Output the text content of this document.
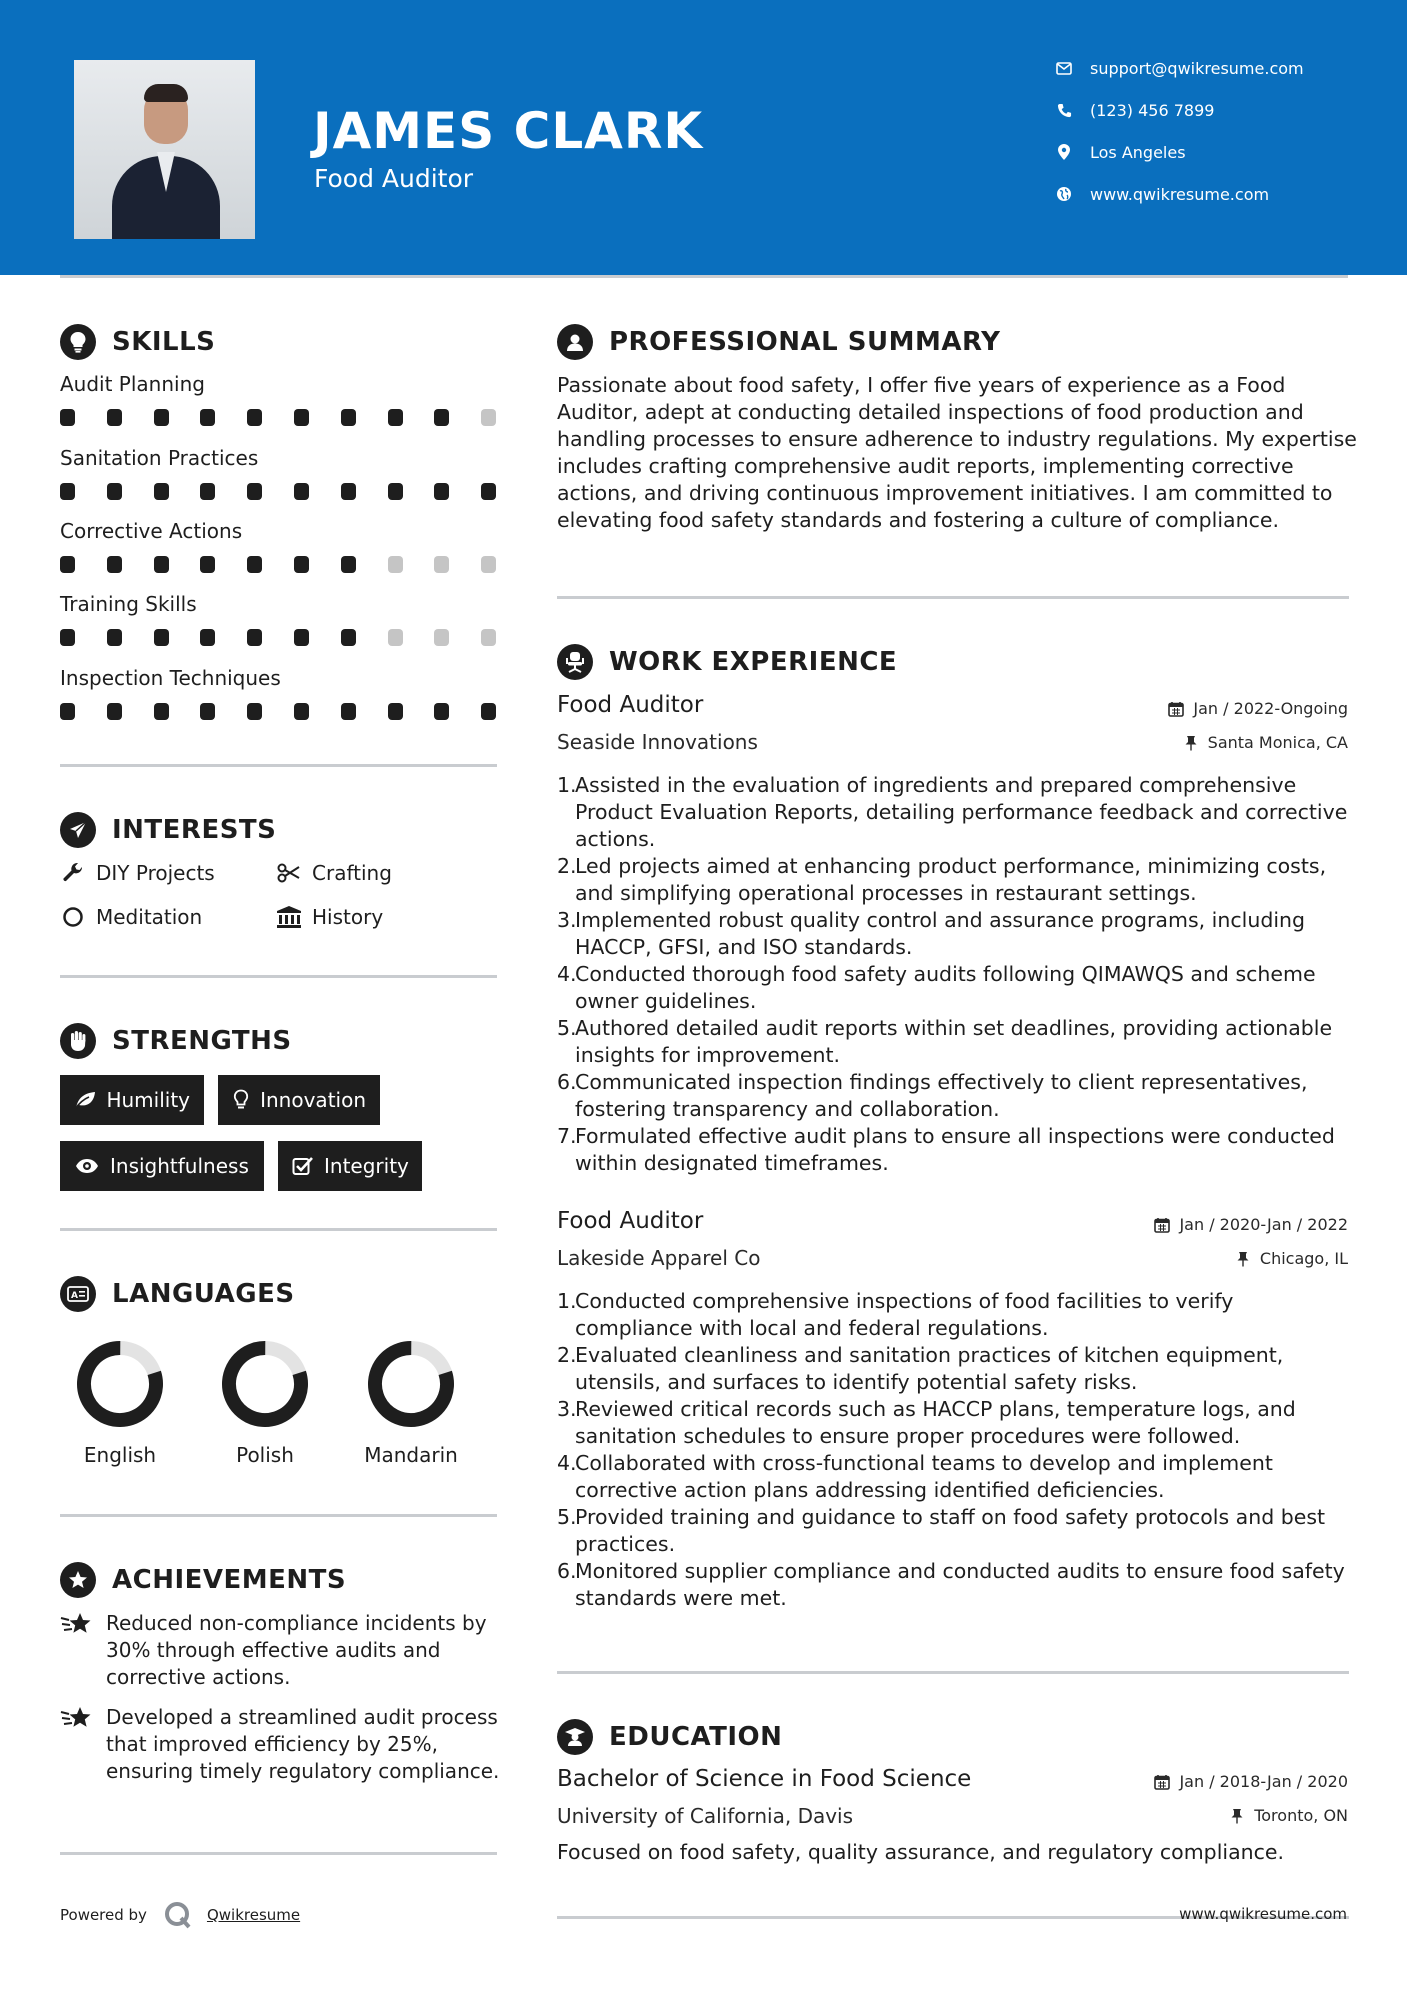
JAMES CLARK
Food Auditor
support@qwikresume.com
(123) 456 7899
Los Angeles
www.qwikresume.com
SKILLS
Audit Planning
Sanitation Practices
Corrective Actions
Training Skills
Inspection Techniques
INTERESTS
DIY Projects	Crafting
Meditation	History
STRENGTHS
Humility	Innovation
Insightfulness	Integrity
A LANGUAGES
English	Polish	Mandarin
ACHIEVEMENTS
Reduced non-compliance incidents by 30% through effective audits and corrective actions.
Developed a streamlined audit process that improved efficiency by 25%, ensuring timely regulatory compliance.
PROFESSIONAL SUMMARY
Passionate about food safety, I offer five years of experience as a Food Auditor, adept at conducting detailed inspections of food production and handling processes to ensure adherence to industry regulations. My expertise includes crafting comprehensive audit reports, implementing corrective actions, and driving continuous improvement initiatives. I am committed to elevating food safety standards and fostering a culture of compliance.
WORK EXPERIENCE
Food Auditor	Jan / 2022-Ongoing
Seaside Innovations	Santa Monica, CA
1.
Assisted in the evaluation of ingredients and prepared comprehensive Product Evaluation Reports, detailing performance feedback and corrective actions.
2.
Led projects aimed at enhancing product performance, minimizing costs, and simplifying operational processes in restaurant settings.
3.
Implemented robust quality control and assurance programs, including HACCP, GFSI, and ISO standards.
4.
Conducted thorough food safety audits following QIMAWQS and scheme owner guidelines.
5.
Authored detailed audit reports within set deadlines, providing actionable insights for improvement.
6.
Communicated inspection findings effectively to client representatives, fostering transparency and collaboration.
7.
Formulated effective audit plans to ensure all inspections were conducted within designated timeframes.
Food Auditor	Jan / 2020-Jan / 2022
Lakeside Apparel Co	Chicago, IL
1.
Conducted comprehensive inspections of food facilities to verify compliance with local and federal regulations.
2.
Evaluated cleanliness and sanitation practices of kitchen equipment, utensils, and surfaces to identify potential safety risks.
3.
Reviewed critical records such as HACCP plans, temperature logs, and sanitation schedules to ensure proper procedures were followed.
4.
Collaborated with cross-functional teams to develop and implement corrective action plans addressing identified deficiencies.
5.
Provided training and guidance to staff on food safety protocols and best practices.
6.
Monitored supplier compliance and conducted audits to ensure food safety standards were met.
EDUCATION
Bachelor of Science in Food Science	Jan / 2018-Jan / 2020
University of California, Davis	Toronto, ON
Focused on food safety, quality assurance, and regulatory compliance.
Powered by	Qwikresume	www.qwikresume.com
